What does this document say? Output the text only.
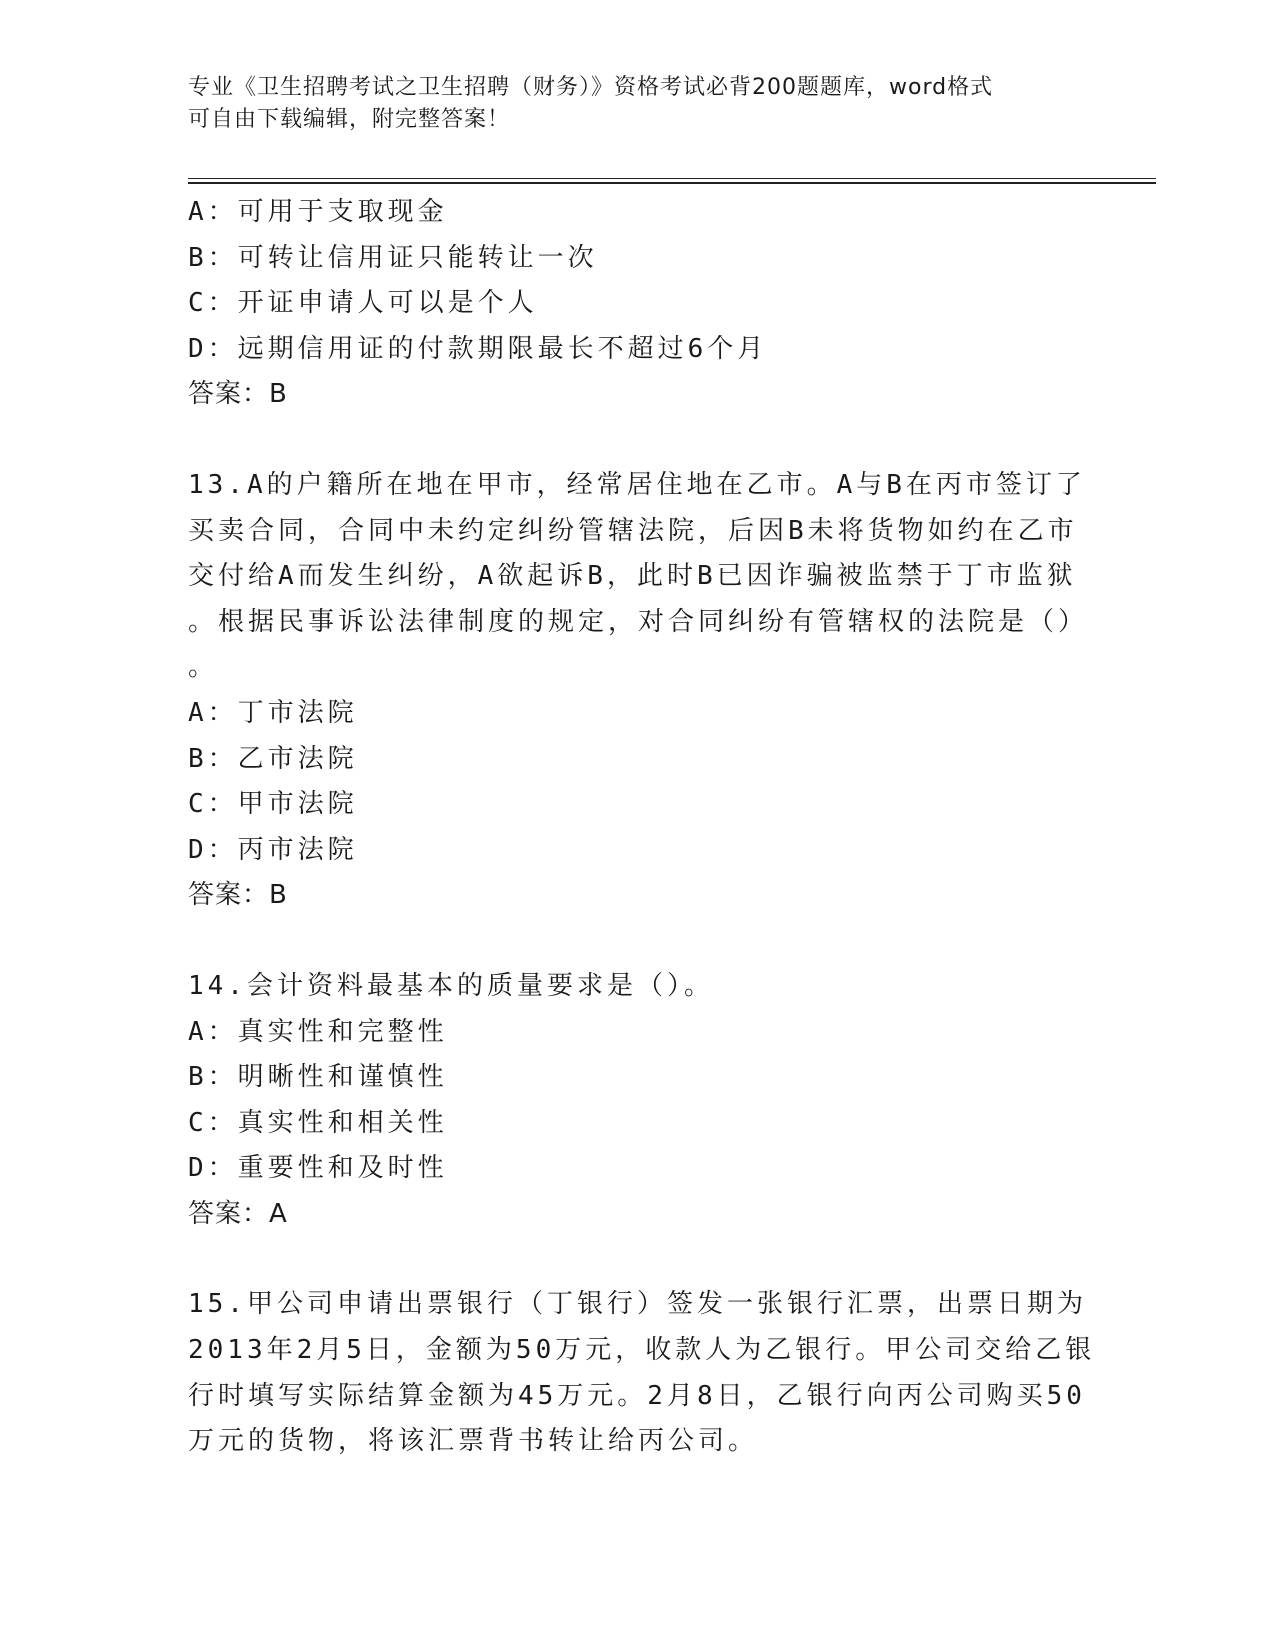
专业《卫生招聘考试之卫生招聘（财务）》资格考试必背200题题库，word格式
可自由下载编辑，附完整答案！
A：可用于支取现金
B：可转让信用证只能转让一次
C：开证申请人可以是个人
D：远期信用证的付款期限最长不超过6个月
答案：B
13.A的户籍所在地在甲市，经常居住地在乙市。A与B在丙市签订了
买卖合同，合同中未约定纠纷管辖法院，后因B未将货物如约在乙市
交付给A而发生纠纷，A欲起诉B，此时B已因诈骗被监禁于丁市监狱
。根据民事诉讼法律制度的规定，对合同纠纷有管辖权的法院是（）
。
A：丁市法院
B：乙市法院
C：甲市法院
D：丙市法院
答案：B
14.会计资料最基本的质量要求是（）。
A：真实性和完整性
B：明晰性和谨慎性
C：真实性和相关性
D：重要性和及时性
答案：A
15.甲公司申请出票银行（丁银行）签发一张银行汇票，出票日期为
2013年2月5日，金额为50万元，收款人为乙银行。甲公司交给乙银
行时填写实际结算金额为45万元。2月8日，乙银行向丙公司购买50
万元的货物，将该汇票背书转让给丙公司。
